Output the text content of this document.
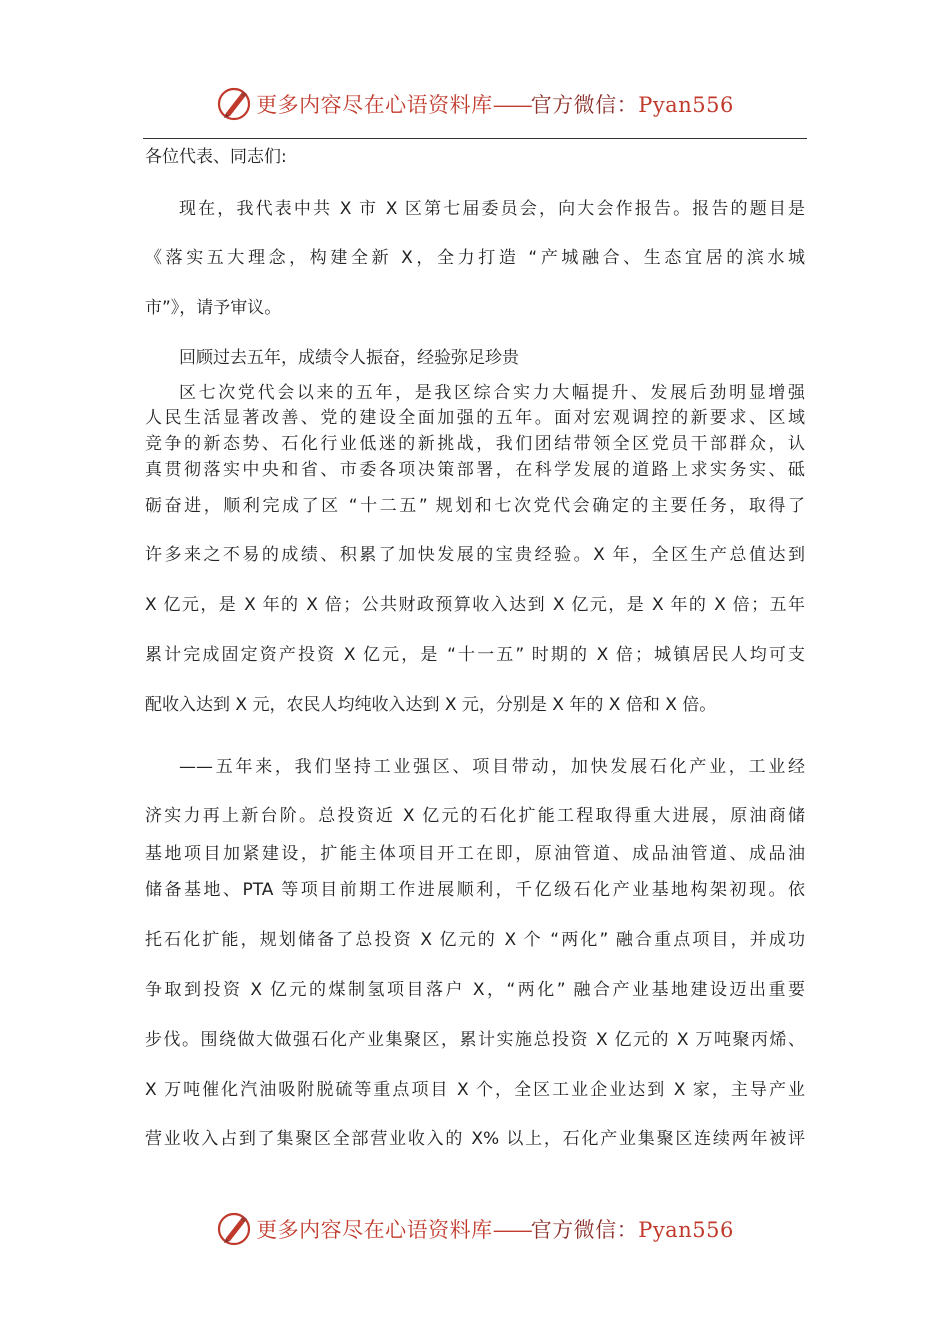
更多内容尽在心语资料库——官方微信：Pyan556
各位代表、同志们:
现在，我代表中共 X 市 X 区第七届委员会，向大会作报告。报告的题目是
《落实五大理念，构建全新 X，全力打造 “产城融合、生态宜居的滨水城
市”》，请予审议。
回顾过去五年，成绩令人振奋，经验弥足珍贵
区七次党代会以来的五年，是我区综合实力大幅提升、发展后劲明显增强
人民生活显著改善、党的建设全面加强的五年。面对宏观调控的新要求、区域
竞争的新态势、石化行业低迷的新挑战，我们团结带领全区党员干部群众，认
真贯彻落实中央和省、市委各项决策部署，在科学发展的道路上求实务实、砥
砺奋进，顺利完成了区 “十二五” 规划和七次党代会确定的主要任务，取得了
许多来之不易的成绩、积累了加快发展的宝贵经验。X 年，全区生产总值达到
X 亿元，是 X 年的 X 倍；公共财政预算收入达到 X 亿元，是 X 年的 X 倍；五年
累计完成固定资产投资 X 亿元，是 “十一五” 时期的 X 倍；城镇居民人均可支
配收入达到 X 元，农民人均纯收入达到 X 元，分别是 X 年的 X 倍和 X 倍。
——五年来，我们坚持工业强区、项目带动，加快发展石化产业，工业经
济实力再上新台阶。总投资近 X 亿元的石化扩能工程取得重大进展，原油商储
基地项目加紧建设，扩能主体项目开工在即，原油管道、成品油管道、成品油
储备基地、PTA 等项目前期工作进展顺利，千亿级石化产业基地构架初现。依
托石化扩能，规划储备了总投资 X 亿元的 X 个 “两化” 融合重点项目，并成功
争取到投资 X 亿元的煤制氢项目落户 X，“两化” 融合产业基地建设迈出重要
步伐。围绕做大做强石化产业集聚区，累计实施总投资 X 亿元的 X 万吨聚丙烯、
X 万吨催化汽油吸附脱硫等重点项目 X 个，全区工业企业达到 X 家，主导产业
营业收入占到了集聚区全部营业收入的 X% 以上，石化产业集聚区连续两年被评
更多内容尽在心语资料库——官方微信：Pyan556
